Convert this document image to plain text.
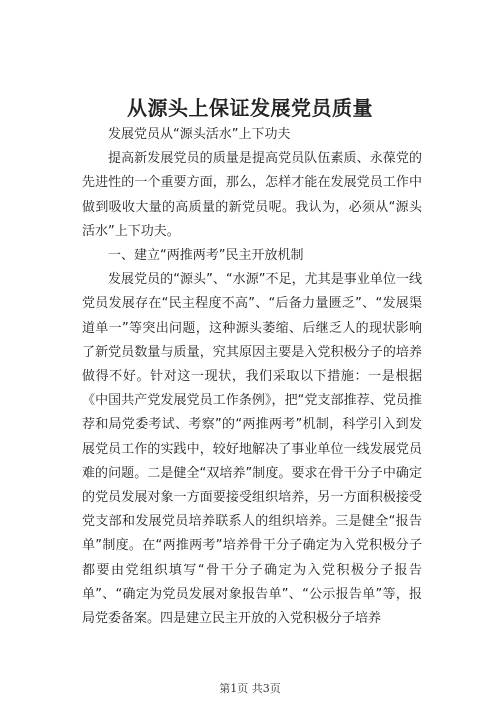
从源头上保证发展党员质量

发展党员从“源头活水”上下功夫

提高新发展党员的质量是提高党员队伍素质、永葆党的先进性的一个重要方面，那么，怎样才能在发展党员工作中做到吸收大量的高质量的新党员呢。我认为，必须从“源头活水”上下功夫。

一、建立“两推两考”民主开放机制

发展党员的“源头”、“水源”不足，尤其是事业单位一线党员发展存在“民主程度不高”、“后备力量匮乏”、“发展渠道单一”等突出问题，这种源头萎缩、后继乏人的现状影响了新党员数量与质量，究其原因主要是入党积极分子的培养做得不好。针对这一现状，我们采取以下措施：一是根据《中国共产党发展党员工作条例》，把“党支部推荐、党员推荐和局党委考试、考察”的“两推两考”机制，科学引入到发展党员工作的实践中，较好地解决了事业单位一线发展党员难的问题。二是健全“双培养”制度。要求在骨干分子中确定的党员发展对象一方面要接受组织培养，另一方面积极接受党支部和发展党员培养联系人的组织培养。三是健全“报告单”制度。在“两推两考”培养骨干分子确定为入党积极分子都要由党组织填写“骨干分子确定为入党积极分子报告单”、“确定为党员发展对象报告单”、“公示报告单”等，报局党委备案。四是建立民主开放的入党积极分子培养

第1页 共3页
